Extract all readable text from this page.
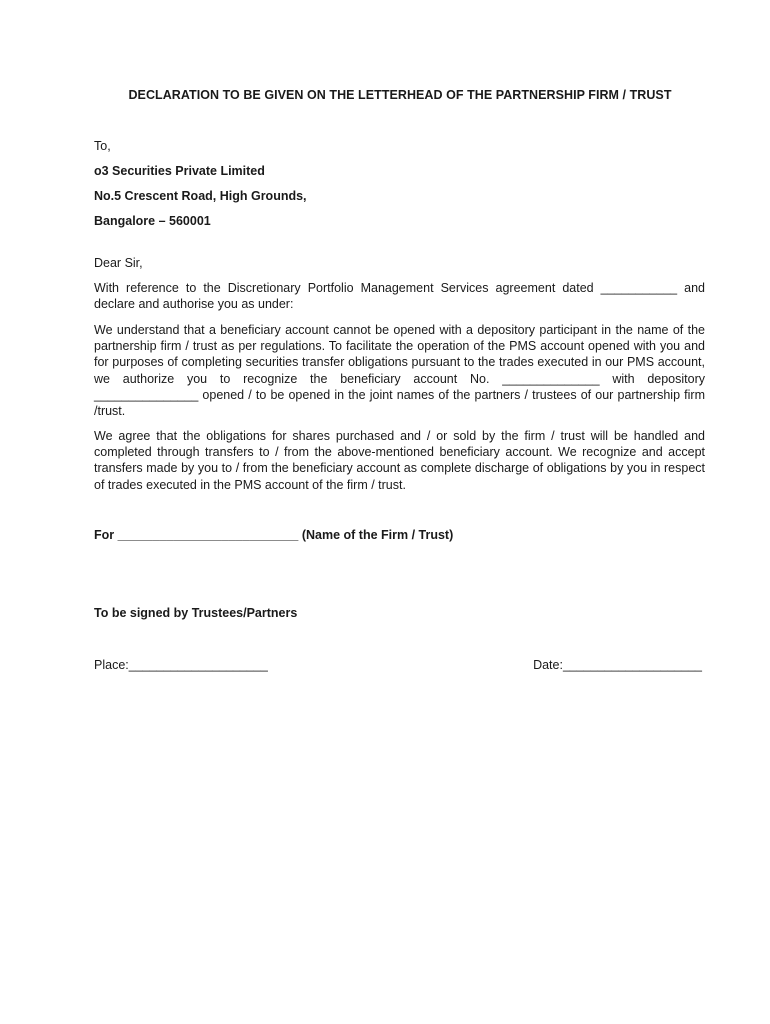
DECLARATION TO BE GIVEN ON THE LETTERHEAD OF THE PARTNERSHIP FIRM / TRUST
To,
o3 Securities Private Limited
No.5 Crescent Road, High Grounds,
Bangalore – 560001
Dear Sir,
With reference to the Discretionary Portfolio Management Services agreement dated ___________ and declare and authorise you as under:
We understand that a beneficiary account cannot be opened with a depository participant in the name of the partnership firm / trust as per regulations. To facilitate the operation of the PMS account opened with you and for purposes of completing securities transfer obligations pursuant to the trades executed in our PMS account, we authorize you to recognize the beneficiary account No. ______________ with depository _______________ opened / to be opened in the joint names of the partners / trustees of our partnership firm /trust.
We agree that the obligations for shares purchased and / or sold by the firm / trust will be handled and completed through transfers to / from the above-mentioned beneficiary account. We recognize and accept transfers made by you to / from the beneficiary account as complete discharge of obligations by you in respect of trades executed in the PMS account of the firm / trust.
For __________________________ (Name of the Firm / Trust)
To be signed by Trustees/Partners
Place:____________________	Date:____________________
